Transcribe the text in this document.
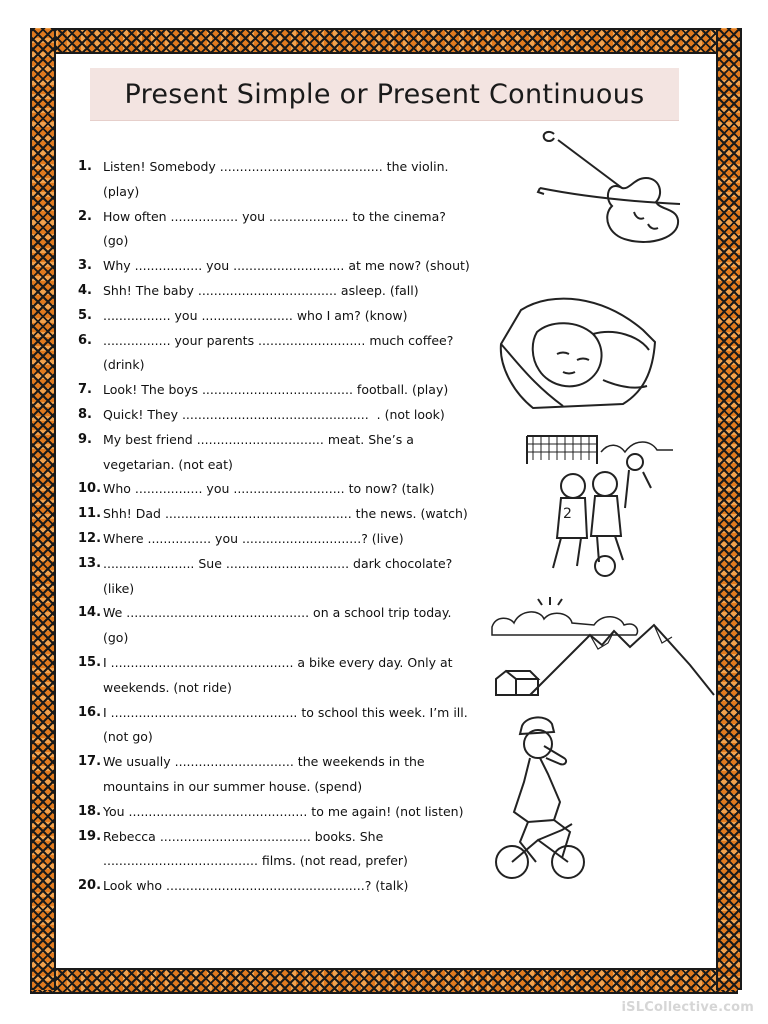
Present Simple or Present Continuous
1. Listen! Somebody ......................................... the violin.
(play)
2. How often ................. you .................... to the cinema?
(go)
3. Why ................. you ............................ at me now? (shout)
4. Shh! The baby ................................... asleep. (fall)
5. ................. you ....................... who I am? (know)
6. ................. your parents ........................... much coffee?
(drink)
7. Look! The boys ...................................... football. (play)
8. Quick! They ...............................................  . (not look)
9. My best friend ................................ meat. She’s a
vegetarian. (not eat)
10. Who ................. you ............................ to now? (talk)
11. Shh! Dad ............................................... the news. (watch)
12. Where ................ you ..............................? (live)
13. ....................... Sue ............................... dark chocolate?
(like)
14. We .............................................. on a school trip today.
(go)
15. I .............................................. a bike every day. Only at
weekends. (not ride)
16. I ............................................... to school this week. I’m ill.
(not go)
17. We usually .............................. the weekends in the
mountains in our summer house. (spend)
18. You ............................................. to me again! (not listen)
19. Rebecca ...................................... books. She
....................................... films. (not read, prefer)
20. Look who ..................................................? (talk)
2
iSLCollective.com
